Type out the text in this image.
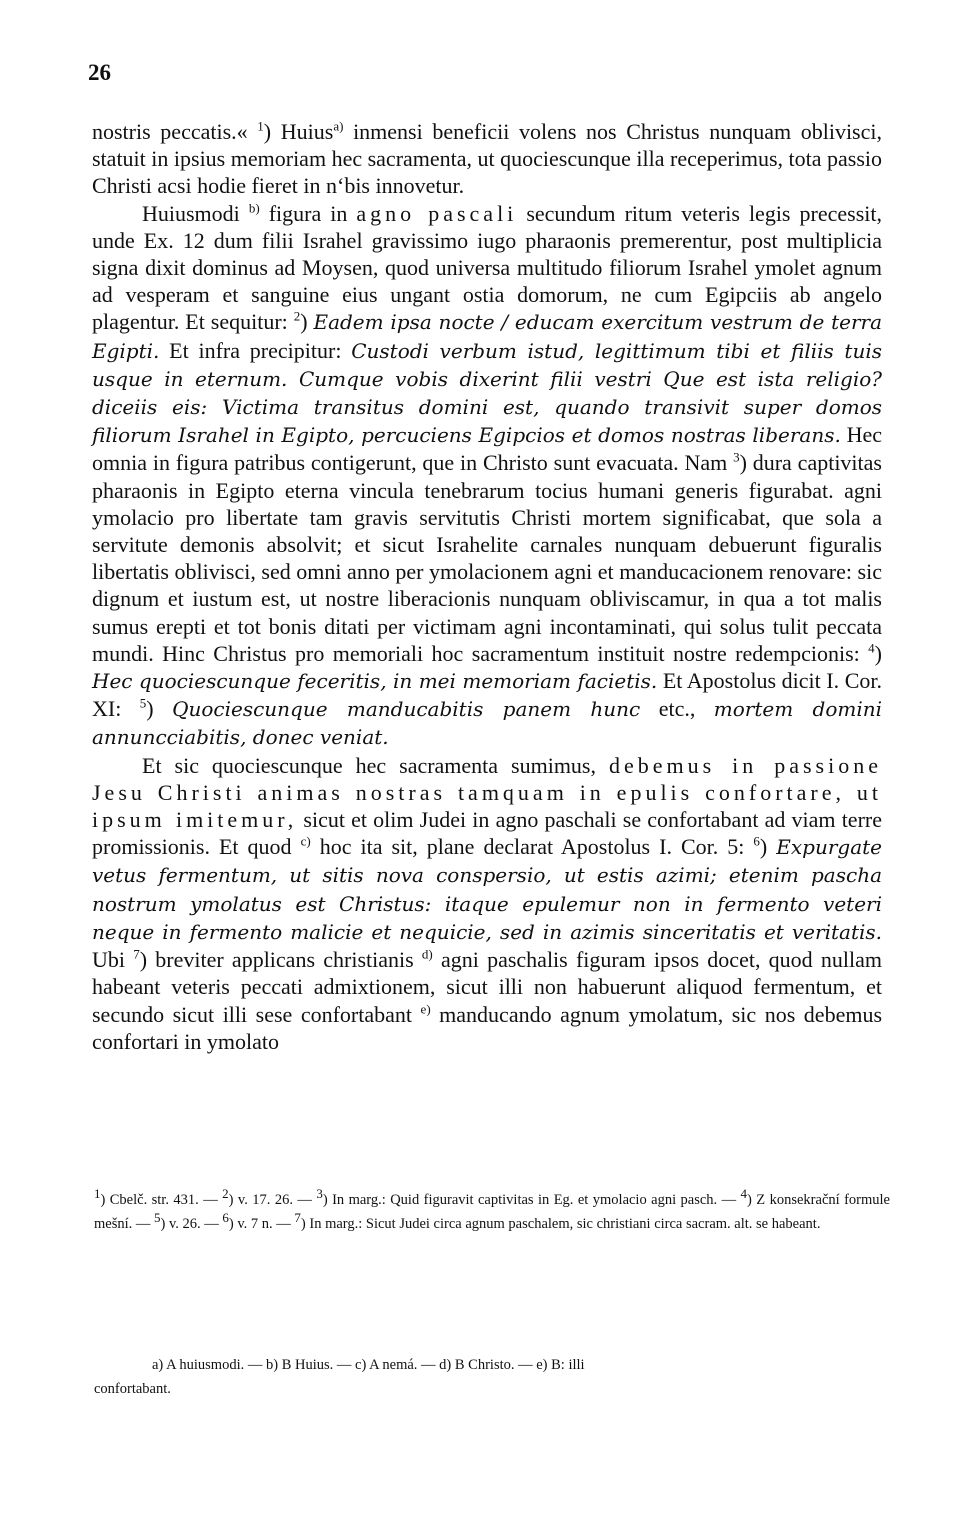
26

nostris peccatis.« $^1$) Huius$^{a)}$ inmensi beneficii volens nos Christus nunquam oblivisci, statuit in ipsius memoriam hec sacramenta, ut quociescunque illa receperimus, tota passio Christi acsi hodie fieret in nʻbis innovetur.

Huiusmodi $^{b)}$ figura in agno pascali secundum ritum veteris legis precessit, unde Ex. 12 dum filii Israhel gravissimo iugo pharaonis premerentur, post multiplicia signa dixit dominus ad Moysen, quod universa multitudo filiorum Israhel ymolet agnum ad vesperam et sanguine eius ungant ostia domorum, ne cum Egipciis ab angelo plagentur. Et sequitur: $^2$) Eadem ipsa nocte / educam exercitum vestrum de terra Egipti. Et infra precipitur: Custodi verbum istud, legittimum tibi et filiis tuis usque in eternum. Cumque vobis dixerint filii vestri Que est ista religio? diceiis eis: Victima transitus domini est, quando transivit super domos filiorum Israhel in Egipto, percuciens Egipcios et domos nostras liberans. Hec omnia in figura patribus contigerunt, que in Christo sunt evacuata. Nam $^3$) dura captivitas pharaonis in Egipto eterna vincula tenebrarum tocius humani generis figurabat. agni ymolacio pro libertate tam gravis servitutis Christi mortem significabat, que sola a servitute demonis absolvit; et sicut Israhelite carnales nunquam debuerunt figuralis libertatis oblivisci, sed omni anno per ymolacionem agni et manducacionem renovare: sic dignum et iustum est, ut nostre liberacionis nunquam obliviscamur, in qua a tot malis sumus erepti et tot bonis ditati per victimam agni incontaminati, qui solus tulit peccata mundi. Hinc Christus pro memoriali hoc sacramentum instituit nostre redempcionis: $^4$) Hec quociescunque feceritis, in mei memoriam facietis. Et Apostolus dicit I. Cor. XI: $^5$) Quociescunque manducabitis panem hunc etc., mortem domini annuncciabitis, donec veniat.

Et sic quociescunque hec sacramenta sumimus, debemus in passione Jesu Christi animas nostras tamquam in epulis confortare, ut ipsum imitemur, sicut et olim Judei in agno paschali se confortabant ad viam terre promissionis. Et quod $^{c)}$ hoc ita sit, plane declarat Apostolus I. Cor. 5: $^6$) Expurgate vetus fermentum, ut sitis nova conspersio, ut estis azimi; etenim pascha nostrum ymolatus est Christus: itaque epulemur non in fermento veteri neque in fermento malicie et nequicie, sed in azimis sinceritatis et veritatis. Ubi $^7$) breviter applicans christianis $^{d)}$ agni paschalis figuram ipsos docet, quod nullam habeant veteris peccati admixtionem, sicut illi non habuerunt aliquod fermentum, et secundo sicut illi sese confortabant $^{e)}$ manducando agnum ymolatum, sic nos debemus confortari in ymolato

$^1$) Cbelč. str. 431. — $^2$) v. 17. 26. — $^3$) In marg.: Quid figuravit captivitas in Eg. et ymolacio agni pasch. — $^4$) Z konsekrační formule mešní. — $^5$) v. 26. — $^6$) v. 7 n. — $^7$) In marg.: Sicut Judei circa agnum paschalem, sic christiani circa sacram. alt. se habeant.

a) A huiusmodi. — b) B Huius. — c) A nemá. — d) B Christo. — e) B: illi

confortabant.
